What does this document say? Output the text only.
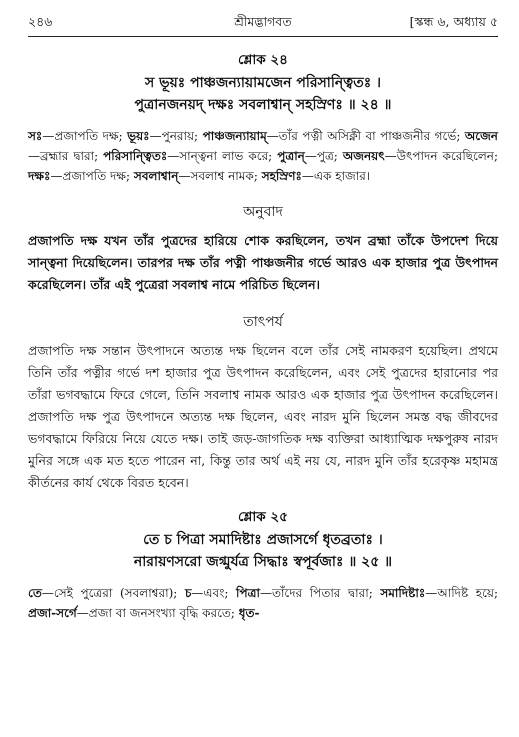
২৪৬	শ্রীমদ্ভাগবত	[স্কন্ধ ৬, অধ্যায় ৫
শ্লোক ২৪
স ভূয়ঃ পাঞ্চজন্যায়ামজেন পরিসান্ত্বিতঃ ।
পুত্রানজনয়দ্ দক্ষঃ সবলাশ্বান্ সহস্রিণঃ ॥ ২৪ ॥
সঃ—প্রজাপতি দক্ষ; ভূয়ঃ—পুনরায়; পাঞ্চজন্যায়াম্—তাঁর পত্নী অসিক্নী বা পাঞ্চজনীর গর্ভে; অজেন—ব্রহ্মার দ্বারা; পরিসান্ত্বিতঃ—সান্ত্বনা লাভ করে; পুত্রান্—পুত্র; অজনয়ৎ—উৎপাদন করেছিলেন; দক্ষঃ—প্রজাপতি দক্ষ; সবলাশ্বান্—সবলাশ্ব নামক; সহস্রিণঃ—এক হাজার।
অনুবাদ
প্রজাপতি দক্ষ যখন তাঁর পুত্রদের হারিয়ে শোক করছিলেন, তখন ব্রহ্মা তাঁকে উপদেশ দিয়ে সান্ত্বনা দিয়েছিলেন। তারপর দক্ষ তাঁর পত্নী পাঞ্চজনীর গর্ভে আরও এক হাজার পুত্র উৎপাদন করেছিলেন। তাঁর এই পুত্রেরা সবলাশ্ব নামে পরিচিত ছিলেন।
তাৎপর্য
প্রজাপতি দক্ষ সন্তান উৎপাদনে অত্যন্ত দক্ষ ছিলেন বলে তাঁর সেই নামকরণ হয়েছিল। প্রথমে তিনি তাঁর পত্নীর গর্ভে দশ হাজার পুত্র উৎপাদন করেছিলেন, এবং সেই পুত্রদের হারানোর পর তাঁরা ভগবদ্ধামে ফিরে গেলে, তিনি সবলাশ্ব নামক আরও এক হাজার পুত্র উৎপাদন করেছিলেন। প্রজাপতি দক্ষ পুত্র উৎপাদনে অত্যন্ত দক্ষ ছিলেন, এবং নারদ মুনি ছিলেন সমস্ত বদ্ধ জীবদের ভগবদ্ধামে ফিরিয়ে নিয়ে যেতে দক্ষ। তাই জড়-জাগতিক দক্ষ ব্যক্তিরা আধ্যাত্মিক দক্ষপুরুষ নারদ মুনির সঙ্গে এক মত হতে পারেন না, কিন্তু তার অর্থ এই নয় যে, নারদ মুনি তাঁর হরেকৃষ্ণ মহামন্ত্র কীর্তনের কার্য থেকে বিরত হবেন।
শ্লোক ২৫
তে চ পিত্রা সমাদিষ্টাঃ প্রজাসর্গে ধৃতব্রতাঃ ।
নারায়ণসরো জগ্মুর্যত্র সিদ্ধাঃ স্বপূর্বজাঃ ॥ ২৫ ॥
তে—সেই পুত্রেরা (সবলাশ্বরা); চ—এবং; পিত্রা—তাঁদের পিতার দ্বারা; সমাদিষ্টাঃ—আদিষ্ট হয়ে; প্রজা-সর্গে—প্রজা বা জনসংখ্যা বৃদ্ধি করতে; ধৃত-
